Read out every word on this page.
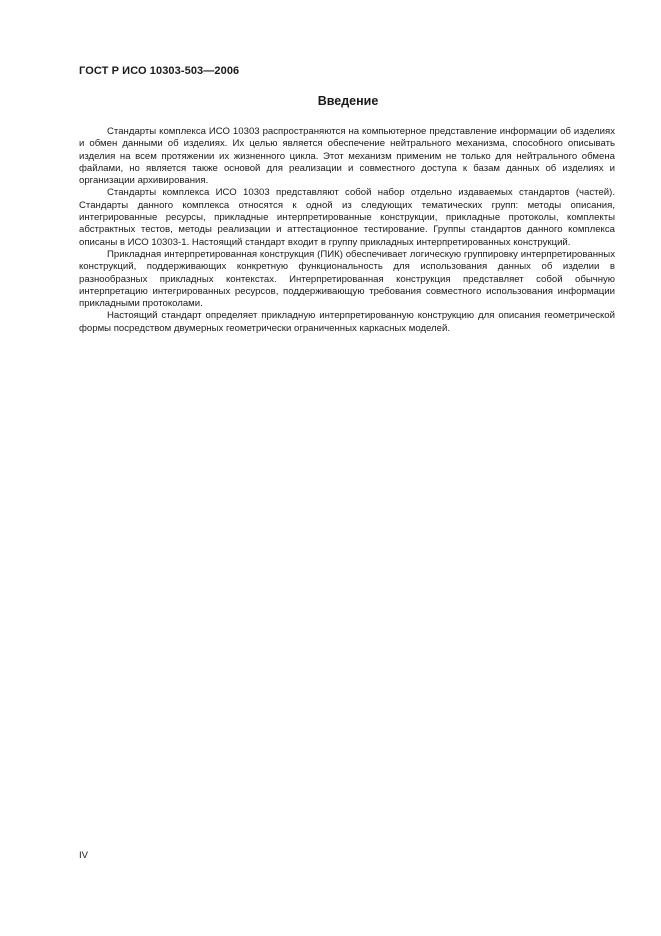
ГОСТ Р ИСО 10303-503—2006
Введение

Стандарты комплекса ИСО 10303 распространяются на компьютерное представление информации об изделиях и обмен данными об изделиях. Их целью является обеспечение нейтрального механизма, способного описывать изделия на всем протяжении их жизненного цикла. Этот механизм применим не только для нейтрального обмена файлами, но является также основой для реализации и совместного доступа к базам данных об изделиях и организации архивирования.

Стандарты комплекса ИСО 10303 представляют собой набор отдельно издаваемых стандартов (частей). Стандарты данного комплекса относятся к одной из следующих тематических групп: методы описания, интегрированные ресурсы, прикладные интерпретированные конструкции, прикладные протоколы, комплекты абстрактных тестов, методы реализации и аттестационное тестирование. Группы стандартов данного комплекса описаны в ИСО 10303-1. Настоящий стандарт входит в группу прикладных интерпретированных конструкций.

Прикладная интерпретированная конструкция (ПИК) обеспечивает логическую группировку интерпретированных конструкций, поддерживающих конкретную функциональность для использования данных об изделии в разнообразных прикладных контекстах. Интерпретированная конструкция представляет собой обычную интерпретацию интегрированных ресурсов, поддерживающую требования совместного использования информации прикладными протоколами.

Настоящий стандарт определяет прикладную интерпретированную конструкцию для описания геометрической формы посредством двумерных геометрически ограниченных каркасных моделей.

IV
